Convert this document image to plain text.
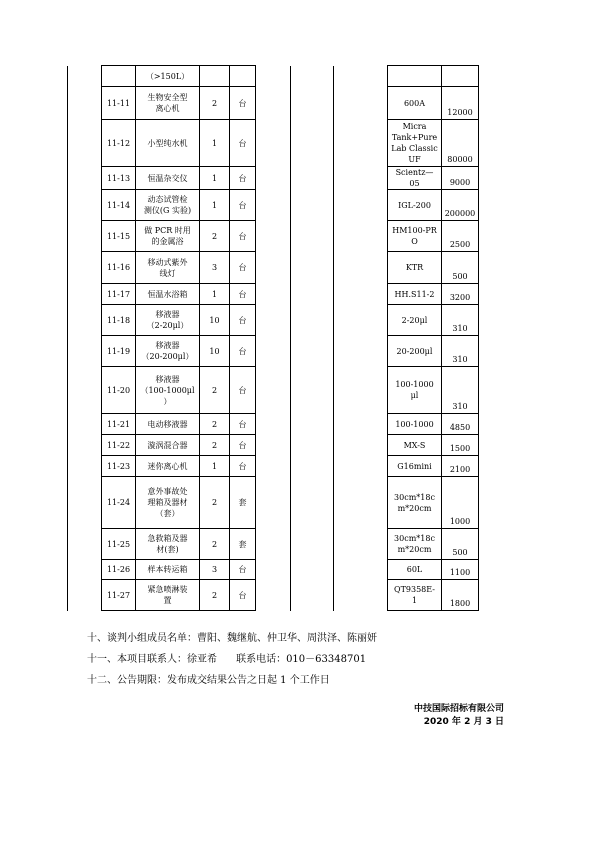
		（>150L）							
	11-11	生物安全型
离心机	2	台				600A	12000
	11-12	小型纯水机	1	台				Micra
Tank+Pure
Lab Classic
UF	80000
	11-13	恒温杂交仪	1	台				Scientz—
05	9000
	11-14	动态试管检
测仪(G 实验)	1	台				IGL-200	200000
	11-15	做 PCR 时用
的金属浴	2	台				HM100-PR
O	2500
	11-16	移动式紫外
线灯	3	台				KTR	500
	11-17	恒温水浴箱	1	台				HH.S11-2	3200
	11-18	移液器
（2-20μl）	10	台				2-20μl	310
	11-19	移液器
（20-200μl）	10	台				20-200μl	310
	11-20	移液器
（100-1000μl
）	2	台				100-1000
μl	310
	11-21	电动移液器	2	台				100-1000	4850
	11-22	漩涡混合器	2	台				MX-S	1500
	11-23	迷你离心机	1	台				G16mini	2100
	11-24	意外事故处
理箱及器材
（套）	2	套				30cm*18c
m*20cm	1000
	11-25	急救箱及器
材(套)	2	套				30cm*18c
m*20cm	500
	11-26	样本转运箱	3	台				60L	1100
	11-27	紧急喷淋装
置	2	台				QT9358E-
1	1800
十、谈判小组成员名单：曹阳、魏继航、仲卫华、周洪泽、陈丽妍
十一、本项目联系人：徐亚希      联系电话：010－63348701
十二、公告期限：发布成交结果公告之日起 1 个工作日
中技国际招标有限公司
2020 年 2 月 3 日
